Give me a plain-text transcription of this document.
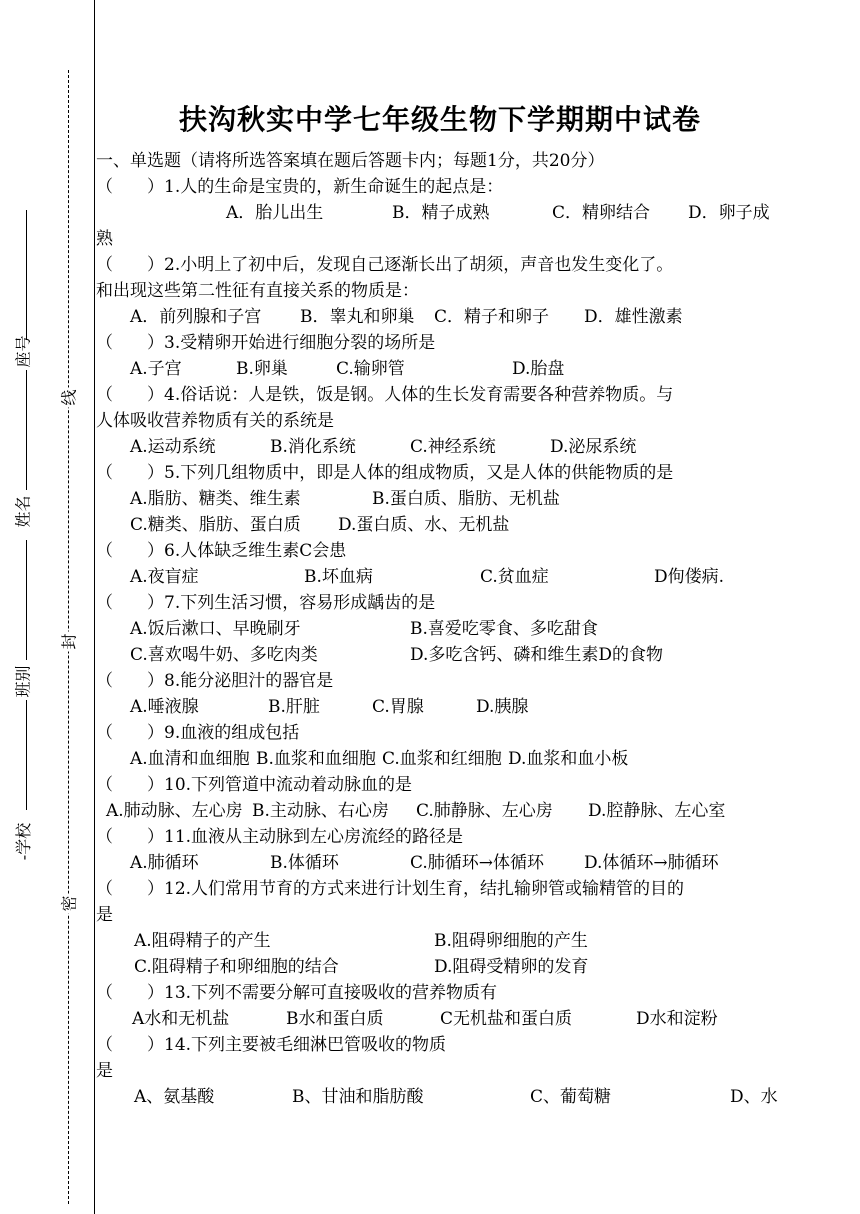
座号
姓名
班别
-学校
线
封
密
扶沟秋实中学七年级生物下学期期中试卷
一、单选题（请将所选答案填在题后答题卡内；每题1分，共20分）
（　　）1.人的生命是宝贵的，新生命诞生的起点是：
A．胎儿出生	B．精子成熟	C．精卵结合 D．卵子成
熟
（　　）2.小明上了初中后，发现自己逐渐长出了胡须，声音也发生变化了。
和出现这些第二性征有直接关系的物质是：
A．前列腺和子宫 B．睾丸和卵巢 C．精子和卵子 D．雄性激素
（　　）3.受精卵开始进行细胞分裂的场所是
A.子宫	B.卵巢	C.输卵管	D.胎盘
（　　）4.俗话说：人是铁，饭是钢。人体的生长发育需要各种营养物质。与
人体吸收营养物质有关的系统是
A.运动系统	B.消化系统	C.神经系统	D.泌尿系统
（　　）5.下列几组物质中，即是人体的组成物质，又是人体的供能物质的是
A.脂肪、糖类、维生素	B.蛋白质、脂肪、无机盐
C.糖类、脂肪、蛋白质 D.蛋白质、水、无机盐
（　　）6.人体缺乏维生素C会患
A.夜盲症	B.坏血病	C.贫血症	D佝偻病.
（　　）7.下列生活习惯，容易形成龋齿的是
A.饭后漱口、早晚刷牙	B.喜爱吃零食、多吃甜食
C.喜欢喝牛奶、多吃肉类	D.多吃含钙、磷和维生素D的食物
（　　）8.能分泌胆汁的器官是
A.唾液腺	B.肝脏	C.胃腺	D.胰腺
（　　）9.血液的组成包括
A.血清和血细胞 B.血浆和血细胞 C.血浆和红细胞 D.血浆和血小板
（　　）10.下列管道中流动着动脉血的是
A.肺动脉、左心房 B.主动脉、右心房 C.肺静脉、左心房 D.腔静脉、左心室
（　　）11.血液从主动脉到左心房流经的路径是
A.肺循环	B.体循环	C.肺循环→体循环 D.体循环→肺循环
（　　）12.人们常用节育的方式来进行计划生育，结扎输卵管或输精管的目的
是
A.阻碍精子的产生	B.阻碍卵细胞的产生
C.阻碍精子和卵细胞的结合	D.阻碍受精卵的发育
（　　）13.下列不需要分解可直接吸收的营养物质有
A水和无机盐	B水和蛋白质	C无机盐和蛋白质	D水和淀粉
（　　）14.下列主要被毛细淋巴管吸收的物质
是
A、氨基酸	B、甘油和脂肪酸	C、葡萄糖	D、水
